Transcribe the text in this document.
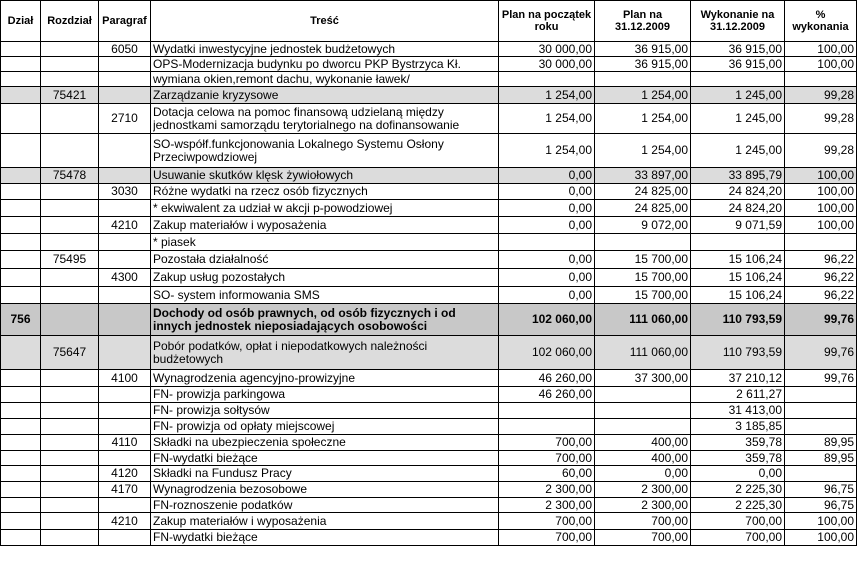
Dział	Rozdział	Paragraf	Treść	Plan na początek roku	Plan na 31.12.2009	Wykonanie na 31.12.2009	% wykonania
		6050	Wydatki inwestycyjne jednostek budżetowych	30 000,00	36 915,00	36 915,00	100,00
			OPS-Modernizacja budynku po dworcu PKP Bystrzyca Kł.	30 000,00	36 915,00	36 915,00	100,00
			wymiana okien,remont dachu, wykonanie ławek/				
	75421		Zarządzanie kryzysowe	1 254,00	1 254,00	1 245,00	99,28
		2710	Dotacja celowa na pomoc finansową udzielaną między jednostkami samorządu terytorialnego na dofinansowanie	1 254,00	1 254,00	1 245,00	99,28

			SO-współf.funkcjonowania Lokalnego Systemu Osłony Przeciwpowdziowej	1 254,00	1 254,00	1 245,00	99,28
	75478		Usuwanie skutków klęsk żywiołowych	0,00	33 897,00	33 895,79	100,00
		3030	Różne wydatki na rzecz osób fizycznych	0,00	24 825,00	24 824,20	100,00
			* ekwiwalent za udział w akcji p-powodziowej	0,00	24 825,00	24 824,20	100,00
		4210	Zakup materiałów i wyposażenia	0,00	9 072,00	9 071,59	100,00
			* piasek				
	75495		Pozostała działalność	0,00	15 700,00	15 106,24	96,22
		4300	Zakup usług pozostałych	0,00	15 700,00	15 106,24	96,22
			SO- system informowania SMS	0,00	15 700,00	15 106,24	96,22
756			Dochody od osób prawnych, od osób fizycznych i od innych jednostek nieposiadających osobowości	102 060,00	111 060,00	110 793,59	99,76
	75647		Pobór podatków, opłat i niepodatkowych należności budżetowych	102 060,00	111 060,00	110 793,59	99,76
		4100	Wynagrodzenia agencyjno-prowizyjne	46 260,00	37 300,00	37 210,12	99,76
			FN- prowizja parkingowa	46 260,00		2 611,27	
			FN- prowizja sołtysów			31 413,00	
			FN- prowizja od opłaty miejscowej			3 185,85	
		4110	Składki na ubezpieczenia społeczne	700,00	400,00	359,78	89,95
			FN-wydatki bieżące	700,00	400,00	359,78	89,95
		4120	Składki na Fundusz Pracy	60,00	0,00	0,00	
		4170	Wynagrodzenia bezosobowe	2 300,00	2 300,00	2 225,30	96,75
			FN-roznoszenie podatków	2 300,00	2 300,00	2 225,30	96,75
		4210	Zakup materiałów i wyposażenia	700,00	700,00	700,00	100,00
			FN-wydatki bieżące	700,00	700,00	700,00	100,00
